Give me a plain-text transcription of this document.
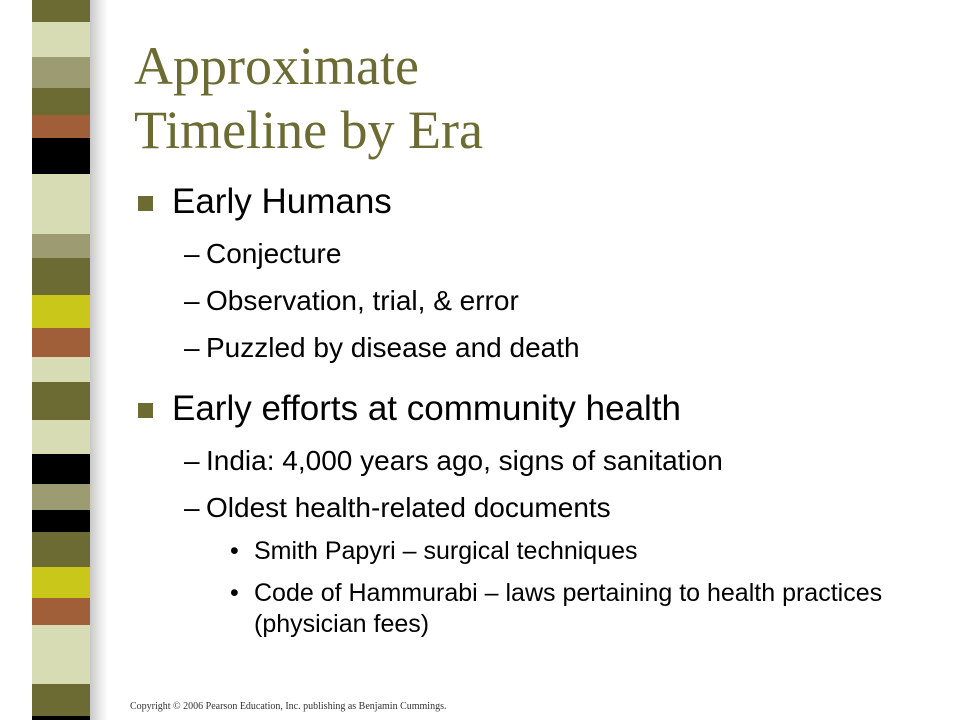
Approximate
Timeline by Era
Early Humans
– Conjecture
– Observation, trial, & error
– Puzzled by disease and death
Early efforts at community health
– India: 4,000 years ago, signs of sanitation
– Oldest health-related documents
• Smith Papyri – surgical techniques
• Code of Hammurabi – laws pertaining to health practices (physician fees)
Copyright © 2006 Pearson Education, Inc. publishing as Benjamin Cummings.
